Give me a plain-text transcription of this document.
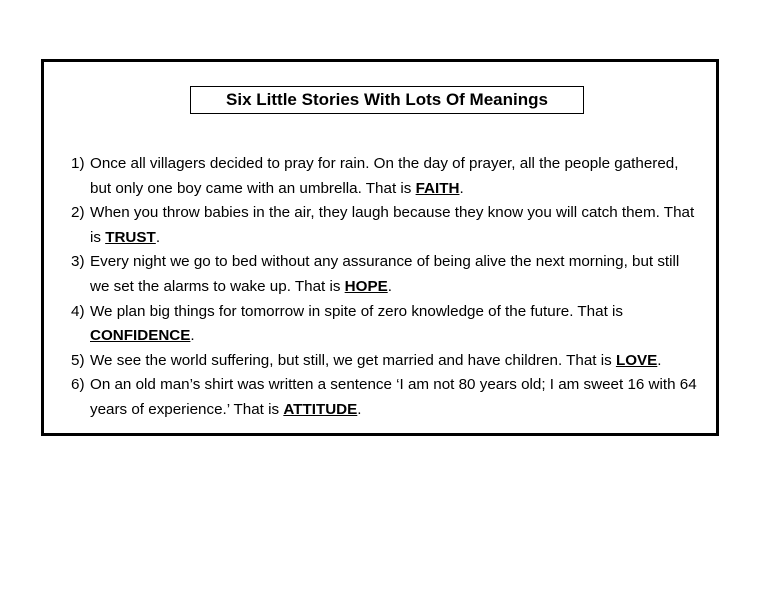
Six Little Stories With Lots Of Meanings
1) Once all villagers decided to pray for rain. On the day of prayer, all the people gathered, but only one boy came with an umbrella. That is FAITH.
2) When you throw babies in the air, they laugh because they know you will catch them. That is TRUST.
3) Every night we go to bed without any assurance of being alive the next morning, but still we set the alarms to wake up. That is HOPE.
4) We plan big things for tomorrow in spite of zero knowledge of the future. That is CONFIDENCE.
5) We see the world suffering, but still, we get married and have children. That is LOVE.
6) On an old man’s shirt was written a sentence ‘I am not 80 years old; I am sweet 16 with 64 years of experience.’ That is ATTITUDE.
